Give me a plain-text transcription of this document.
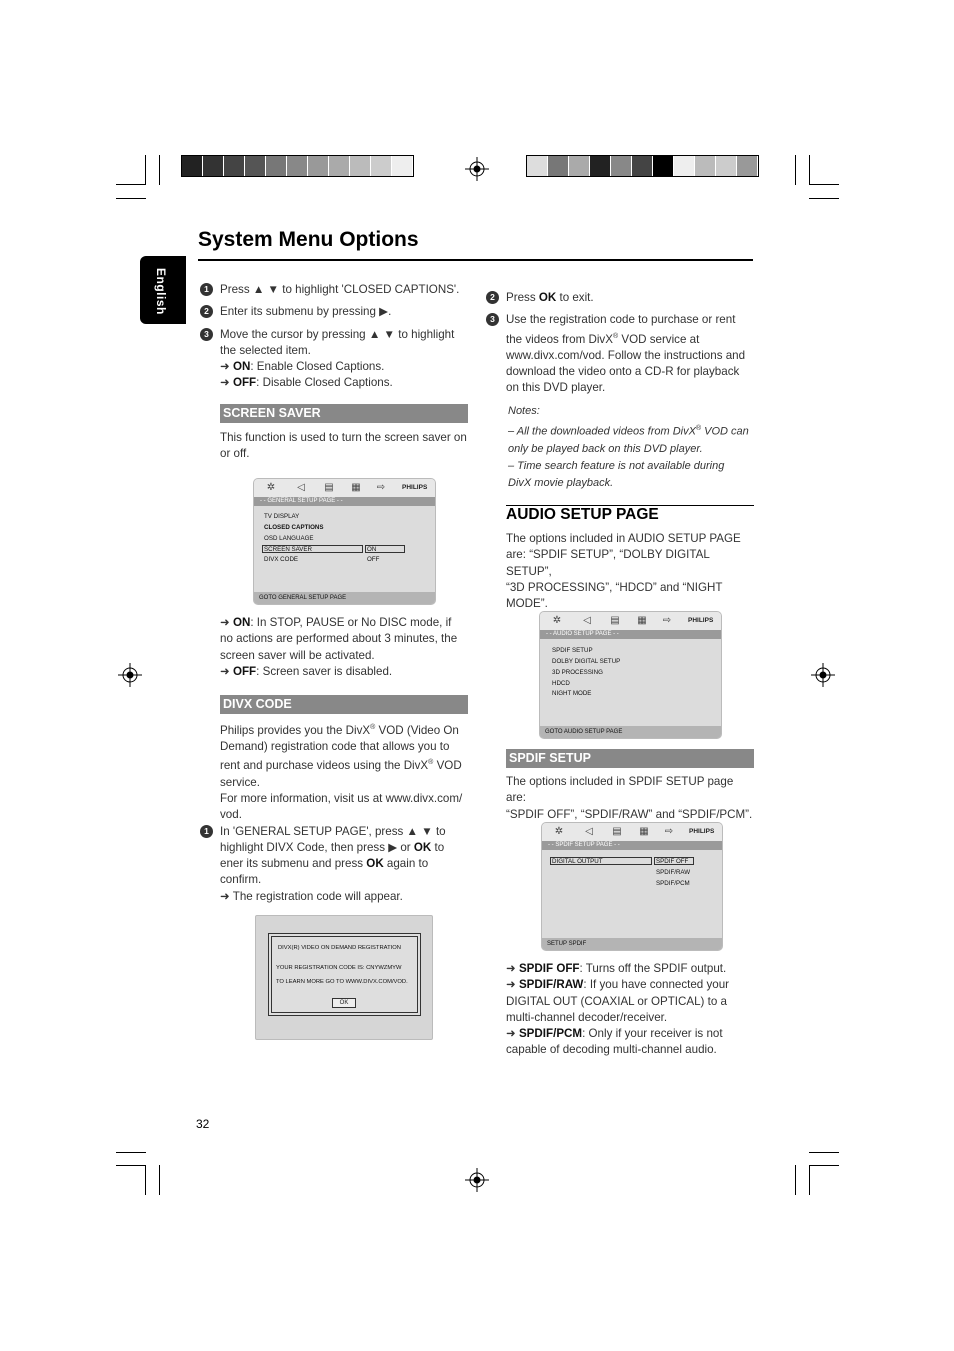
System Menu Options
English	1 Press ▲ ▼ to highlight 'CLOSED CAPTIONS'.
2 Enter its submenu by pressing ▶.
3 Move the cursor by pressing ▲ ▼ to highlight
the selected item.
➜ ON: Enable Closed Captions.
➜ OFF: Disable Closed Captions.
SCREEN SAVER
This function is used to turn the screen saver on
or off.
✲	◁	▤ ▦ ⇨	PHILIPS
- - GENERAL SETUP PAGE - -
TV DISPLAY
CLOSED CAPTIONS
OSD LANGUAGE
SCREEN SAVER	ON
DIVX CODE	OFF
GOTO GENERAL SETUP PAGE
➜ ON: In STOP, PAUSE or No DISC mode, if
no actions are performed about 3 minutes, the
screen saver will be activated.
➜ OFF: Screen saver is disabled.
DIVX CODE
Philips provides you the DivX® VOD (Video On
Demand) registration code that allows you to
rent and purchase videos using the DivX® VOD
service.
For more information, visit us at www.divx.com/
vod.
1 In 'GENERAL SETUP PAGE', press ▲ ▼ to
highlight DIVX Code, then press ▶ or OK to
ener its submenu and press OK again to
confirm.
➜ The registration code will appear.
DIVX(R) VIDEO ON DEMAND REGISTRATION
YOUR REGISTRATION CODE IS: CNYWZMYW
TO LEARN MORE GO TO WWW.DIVX.COM/VOD.
OK
2 Press OK to exit.
3 Use the registration code to purchase or rent
the videos from DivX® VOD service at
www.divx.com/vod. Follow the instructions and
download the video onto a CD-R for playback
on this DVD player.
Notes:
– All the downloaded videos from DivX® VOD can
only be played back on this DVD player.
– Time search feature is not available during
DivX movie playback.
AUDIO SETUP PAGE
The options included in AUDIO SETUP PAGE
are: “SPDIF SETUP”, “DOLBY DIGITAL SETUP”,
“3D PROCESSING”, “HDCD” and “NIGHT
MODE”.
✲	◁	▤ ▦ ⇨	PHILIPS
- - AUDIO SETUP PAGE - -
SPDIF SETUP
DOLBY DIGITAL SETUP
3D PROCESSING
HDCD
NIGHT MODE
GOTO AUDIO SETUP PAGE
SPDIF SETUP
The options included in SPDIF SETUP page are:
“SPDIF OFF”, “SPDIF/RAW” and “SPDIF/PCM”.
✲	◁	▤ ▦ ⇨	PHILIPS
- - SPDIF SETUP PAGE - -
DIGITAL OUTPUT	SPDIF OFF
SPDIF/RAW
SPDIF/PCM
SETUP SPDIF
➜ SPDIF OFF: Turns off the SPDIF output.
➜ SPDIF/RAW: If you have connected your
DIGITAL OUT (COAXIAL or OPTICAL) to a
multi-channel decoder/receiver.
➜ SPDIF/PCM: Only if your receiver is not
capable of decoding multi-channel audio.
32
